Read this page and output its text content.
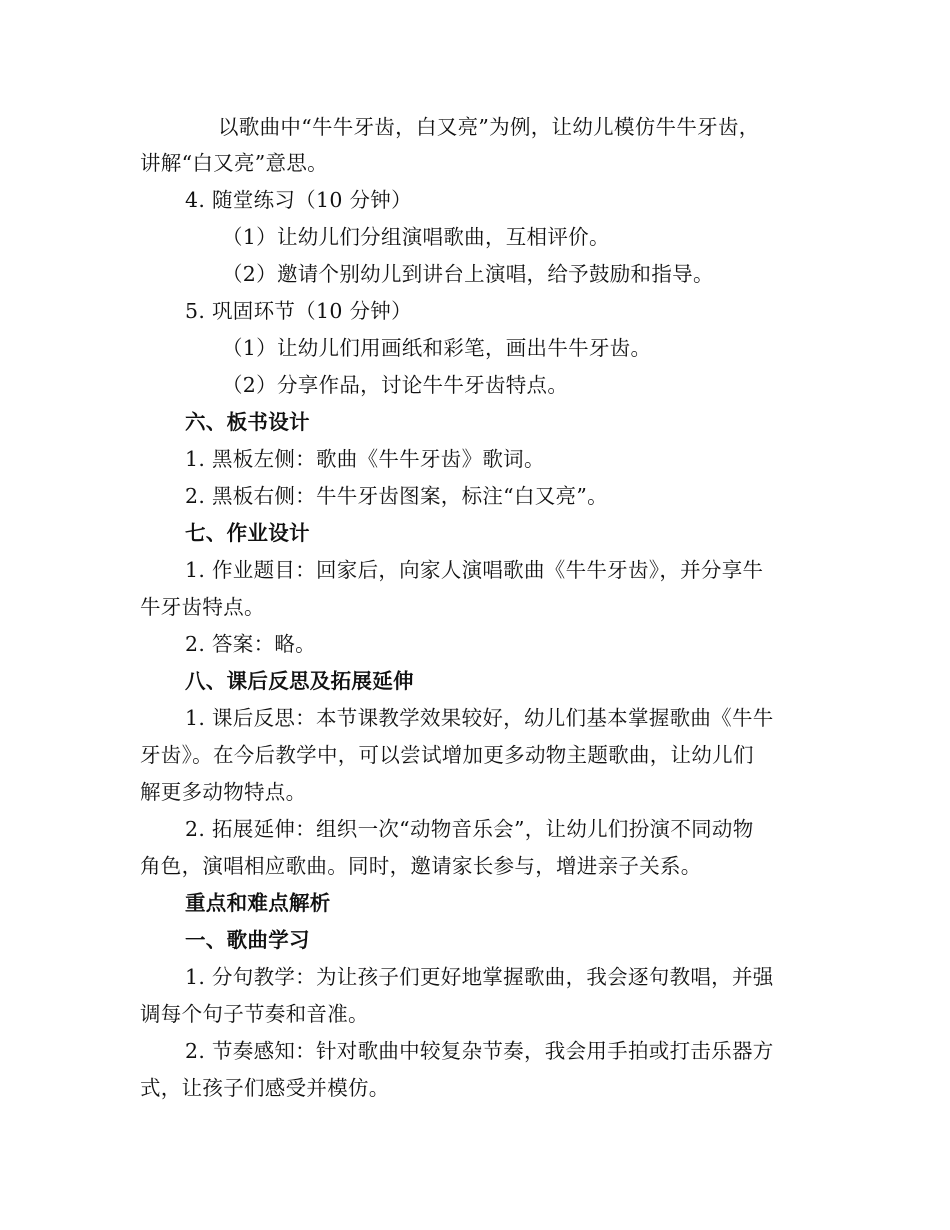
以歌曲中“牛牛牙齿，白又亮”为例，让幼儿模仿牛牛牙齿，

讲解“白又亮”意思。

4. 随堂练习（10 分钟）

（1）让幼儿们分组演唱歌曲，互相评价。

（2）邀请个别幼儿到讲台上演唱，给予鼓励和指导。

5. 巩固环节（10 分钟）

（1）让幼儿们用画纸和彩笔，画出牛牛牙齿。

（2）分享作品，讨论牛牛牙齿特点。

六、板书设计

1. 黑板左侧：歌曲《牛牛牙齿》歌词。

2. 黑板右侧：牛牛牙齿图案，标注“白又亮”。

七、作业设计

1. 作业题目：回家后，向家人演唱歌曲《牛牛牙齿》，并分享牛

牛牙齿特点。

2. 答案：略。

八、课后反思及拓展延伸

1. 课后反思：本节课教学效果较好，幼儿们基本掌握歌曲《牛牛

牙齿》。在今后教学中，可以尝试增加更多动物主题歌曲，让幼儿们

解更多动物特点。

2. 拓展延伸：组织一次“动物音乐会”，让幼儿们扮演不同动物

角色，演唱相应歌曲。同时，邀请家长参与，增进亲子关系。

重点和难点解析

一、歌曲学习

1. 分句教学：为让孩子们更好地掌握歌曲，我会逐句教唱，并强

调每个句子节奏和音准。

2. 节奏感知：针对歌曲中较复杂节奏，我会用手拍或打击乐器方

式，让孩子们感受并模仿。
